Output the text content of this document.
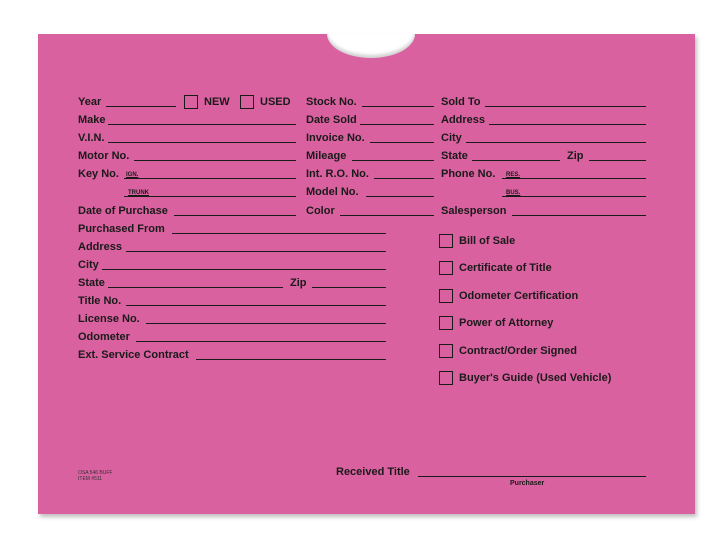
Year	NEW	USED
Make
V.I.N.
Motor No.
Key No. IGN.
TRUNK
Date of Purchase
Stock No.
Date Sold
Invoice No.
Mileage
Int. R.O. No.
Model No.
Color
Sold To
Address
City
State	Zip
Phone No. RES.
BUS.
Salesperson
Purchased From
Address
City
State	Zip
Title No.
License No.
Odometer
Ext. Service Contract
Bill of Sale
Certificate of Title
Odometer Certification
Power of Attorney
Contract/Order Signed
Buyer's Guide (Used Vehicle)
OSA 546 BUFF
ITEM #511
Received Title
Purchaser
